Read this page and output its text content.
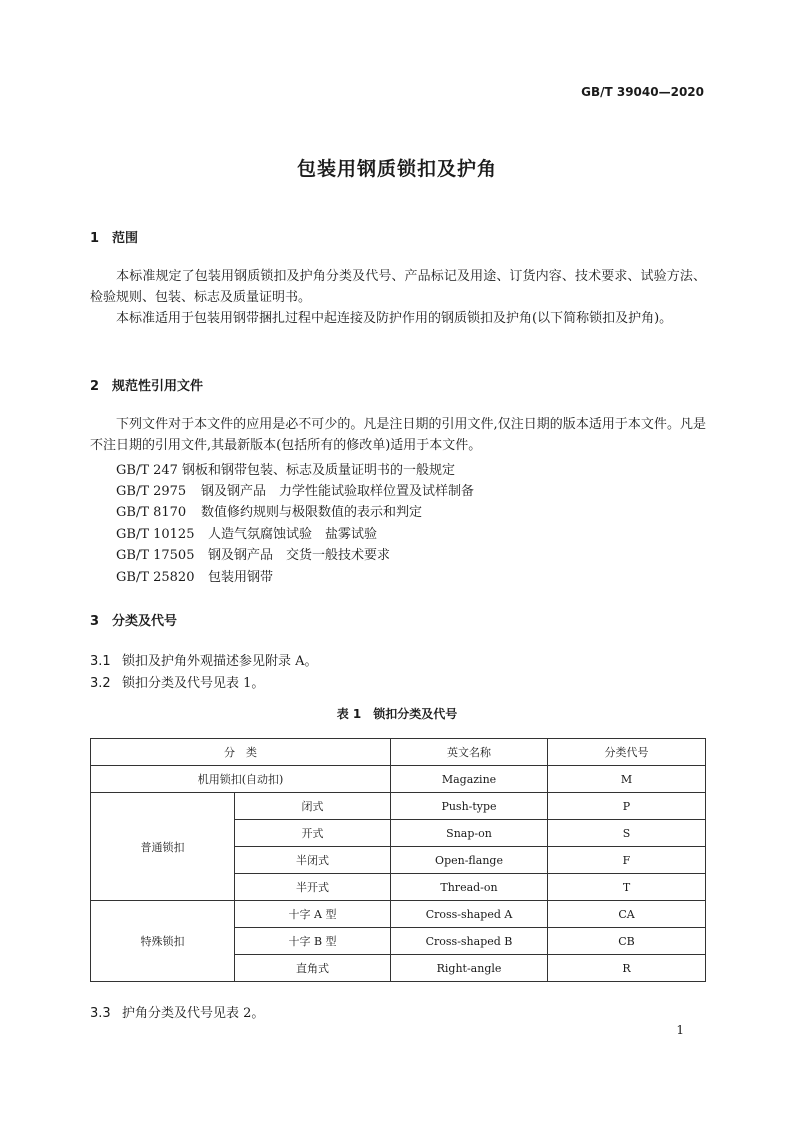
GB/T 39040—2020
包装用钢质锁扣及护角
1 范围
本标准规定了包装用钢质锁扣及护角分类及代号、产品标记及用途、订货内容、技术要求、试验方法、检验规则、包装、标志及质量证明书。
本标准适用于包装用钢带捆扎过程中起连接及防护作用的钢质锁扣及护角(以下简称锁扣及护角)。
2 规范性引用文件
下列文件对于本文件的应用是必不可少的。凡是注日期的引用文件,仅注日期的版本适用于本文件。凡是不注日期的引用文件,其最新版本(包括所有的修改单)适用于本文件。
GB/T 247 钢板和钢带包装、标志及质量证明书的一般规定
GB/T 2975 钢及钢产品　力学性能试验取样位置及试样制备
GB/T 8170 数值修约规则与极限数值的表示和判定
GB/T 10125 人造气氛腐蚀试验　盐雾试验
GB/T 17505 钢及钢产品　交货一般技术要求
GB/T 25820 包装用钢带
3 分类及代号
3.1 锁扣及护角外观描述参见附录 A。
3.2 锁扣分类及代号见表 1。
表 1　锁扣分类及代号
分　类		英文名称	分类代号
机用锁扣(自动扣)		Magazine	M
普通锁扣	闭式	Push-type	P
	开式	Snap-on	S
	半闭式	Open-flange	F
	半开式	Thread-on	T
特殊锁扣	十字 A 型	Cross-shaped A	CA
	十字 B 型	Cross-shaped B	CB
	直角式	Right-angle	R
3.3 护角分类及代号见表 2。
1
